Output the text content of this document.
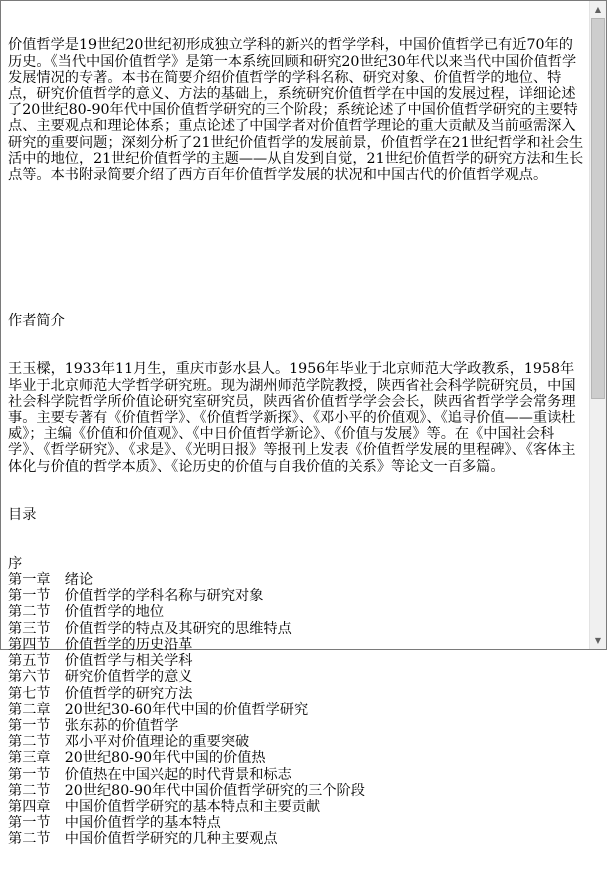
价值哲学是19世纪20世纪初形成独立学科的新兴的哲学学科，中国价值哲学已有近70年的历史。《当代中国价值哲学》是第一本系统回顾和研究20世纪30年代以来当代中国价值哲学发展情况的专著。本书在简要介绍价值哲学的学科名称、研究对象、价值哲学的地位、特点，研究价值哲学的意义、方法的基础上，系统研究价值哲学在中国的发展过程，详细论述了20世纪80-90年代中国价值哲学研究的三个阶段；系统论述了中国价值哲学研究的主要特点、主要观点和理论体系；重点论述了中国学者对价值哲学理论的重大贡献及当前亟需深入研究的重要问题；深刻分析了21世纪价值哲学的发展前景，价值哲学在21世纪哲学和社会生活中的地位，21世纪价值哲学的主题——从自发到自觉，21世纪价值哲学的研究方法和生长点等。本书附录简要介绍了西方百年价值哲学发展的状况和中国古代的价值哲学观点。

作者简介

王玉樑，1933年11月生，重庆市彭水县人。1956年毕业于北京师范大学政教系，1958年毕业于北京师范大学哲学研究班。现为湖州师范学院教授，陕西省社会科学院研究员，中国社会科学院哲学所价值论研究室研究员，陕西省价值哲学学会会长，陕西省哲学学会常务理事。主要专著有《价值哲学》、《价值哲学新探》、《邓小平的价值观》、《追寻价值——重读杜威》；主编《价值和价值观》、《中日价值哲学新论》、《价值与发展》等。在《中国社会科学》、《哲学研究》、《求是》、《光明日报》等报刊上发表《价值哲学发展的里程碑》、《客体主体化与价值的哲学本质》、《论历史的价值与自我价值的关系》等论文一百多篇。

目录

序

第一章　绪论

第一节　价值哲学的学科名称与研究对象

第二节　价值哲学的地位

第三节　价值哲学的特点及其研究的思维特点

第四节　价值哲学的历史沿革

第五节　价值哲学与相关学科

第六节　研究价值哲学的意义

第七节　价值哲学的研究方法

第二章　20世纪30-60年代中国的价值哲学研究

第一节　张东荪的价值哲学

第二节　邓小平对价值理论的重要突破

第三章　20世纪80-90年代中国的价值热

第一节　价值热在中国兴起的时代背景和标志

第二节　20世纪80-90年代中国价值哲学研究的三个阶段

第四章　中国价值哲学研究的基本特点和主要贡献

第一节　中国价值哲学的基本特点

第二节　中国价值哲学研究的几种主要观点

▲
▼
